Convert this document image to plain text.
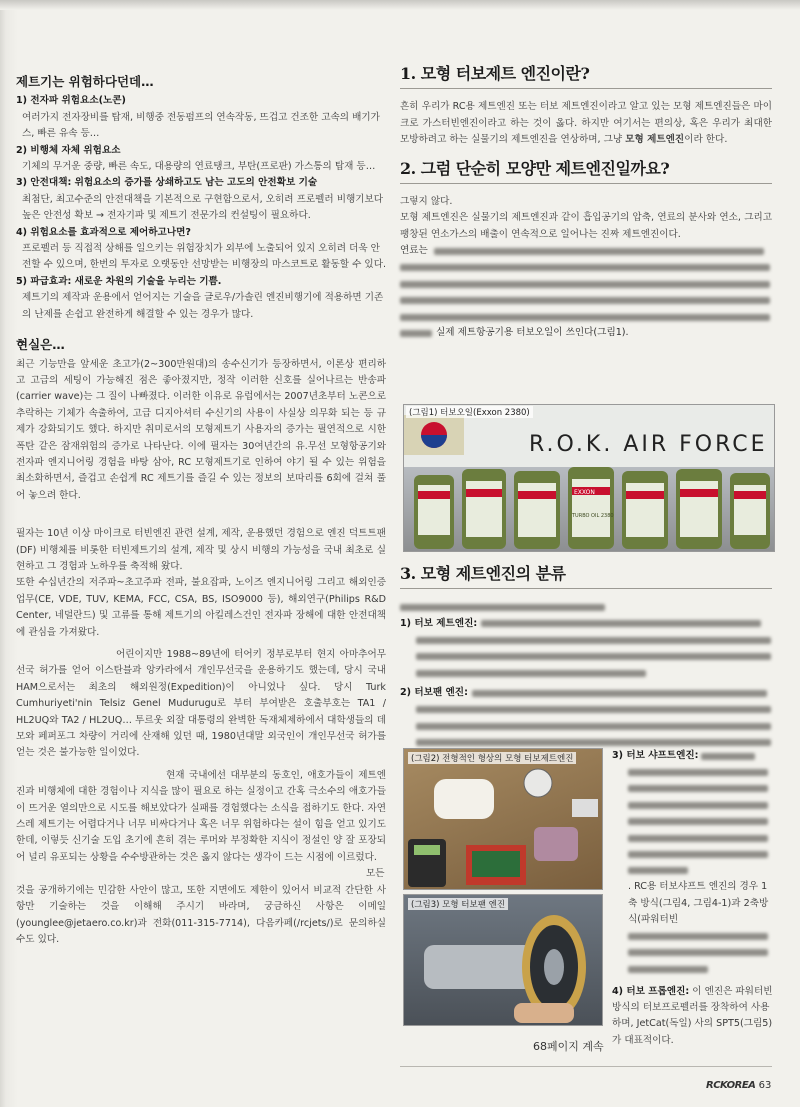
제트기는 위험하다던데…
1) 전자파 위험요소(노콘)
여러가지 전자장비를 탑재, 비행중 전동펌프의 연속작동, 뜨겁고 건조한 고속의 배기가스, 빠른 유속 등…
2) 비행체 자체 위험요소
기체의 무거운 중량, 빠른 속도, 대용량의 연료탱크, 부탄(프로판) 가스통의 탑재 등…
3) 안전대책: 위험요소의 증가를 상쇄하고도 남는 고도의 안전확보 기술
최첨단, 최고수준의 안전대책을 기본적으로 구현함으로서, 오히려 프로펠러 비행기보다 높은 안전성 확보 → 전자기파 및 제트기 전문가의 컨설팅이 필요하다.
4) 위험요소를 효과적으로 제어하고나면?
프로펠러 등 직접적 상해를 일으키는 위험장치가 외부에 노출되어 있지 오히려 더욱 안전할 수 있으며, 한번의 투자로 오랫동안 선망받는 비행장의 마스코트로 활동할 수 있다.
5) 파급효과: 새로운 차원의 기술을 누리는 기쁨.
제트기의 제작과 운용에서 얻어지는 기술을 글로우/가솔린 엔진비행기에 적용하면 기존의 난제를 손쉽고 완전하게 해결할 수 있는 경우가 많다.
현실은…
최근 기능만을 앞세운 초고가(2~300만원대)의 송수신기가 등장하면서, 이론상 편리하고 고급의 세팅이 가능해진 점은 좋아졌지만, 정작 이러한 신호를 실어나르는 반송파(carrier wave)는 그 질이 나빠졌다. 이러한 이유로 유럽에서는 2007년초부터 노콘으로 추락하는 기체가 속출하여, 고급 디지아셔터 수신기의 사용이 사실상 의무화 되는 등 규제가 강화되기도 했다. 하지만 취미로서의 모형제트기 사용자의 증가는 필연적으로 시한폭탄 같은 잠재위험의 증가로 나타난다. 이에 필자는 30여년간의 유.무선 모형항공기와 전자파 엔지니어링 경험을 바탕 삼아, RC 모형제트기로 인하여 야기 될 수 있는 위험을 최소화하면서, 즐겁고 손쉽게 RC 제트기를 즐길 수 있는 정보의 보따리를 6회에 걸쳐 풀어 놓으려 한다.
필자는 10년 이상 마이크로 터빈엔진 관련 설계, 제작, 운용했던 경험으로 엔진 덕트트팬(DF) 비행체를 비롯한 터빈제트기의 설계, 제작 및 상시 비행의 가능성을 국내 최초로 실현하고 그 경험과 노하우를 축적해 왔다.
또한 수십년간의 저주파~초고주파 전파, 불요잡파, 노이즈 엔지니어링 그리고 해외인증업무(CE, VDE, TUV, KEMA, FCC, CSA, BS, ISO9000 등), 해외연구(Philips R&D Center, 네덜란드) 및 고류를 통해 제트기의 아킬레스건인 전자파 장해에 대한 안전대책에 관심을 가져왔다.
어린이지만 1988~89년에 터어키 정부로부터 현지 아마추어무선국 허가를 얻어 이스탄블과 앙카라에서 개인무선국을 운용하기도 했는데, 당시 국내 HAM으로서는 최초의 해외원정(Expedition)이 아니었나 싶다. 당시 Turk Cumhuriyeti'nin Telsiz Genel Mudurugu로 부터 부여받은 호출부호는 TA1 / HL2UQ와 TA2 / HL2UQ… 투르웃 외잘 대통령의 완벽한 독재체제하에서 대학생들의 데모와 페퍼포그 차량이 거리에 산재해 있던 때, 1980년대말 외국인이 개인무선국 허가를 얻는 것은 불가능한 일이었다.
현재 국내에선 대부분의 동호인, 애호가들이 제트엔진과 비행체에 대한 경험이나 지식을 많이 필요로 하는 실정이고 간혹 극소수의 애호가들이 뜨거운 열의만으로 시도를 해보았다가 실패를 경험했다는 소식을 접하기도 한다. 자연스레 제트기는 어렵다거나 너무 비싸다거나 혹은 너무 위험하다는 설이 힘을 얻고 있기도 한데, 이렇듯 신기술 도입 초기에 흔히 겪는 루머와 부정확한 지식이 정설인 양 잘 포장되어 널리 유포되는 상황을 수수방관하는 것은 옳지 않다는 생각이 드는 시점에 이르렀다.
모든 것을 공개하기에는 민감한 사안이 많고, 또한 지면에도 제한이 있어서 비교적 간단한 사항만 기술하는 것을 이해해 주시기 바라며, 궁금하신 사항은 이메일(younglee@jetaero.co.kr)과 전화(011-315-7714), 다음카페(/rcjets/)로 문의하실 수도 있다.
1. 모형 터보제트 엔진이란?
흔히 우리가 RC용 제트엔진 또는 터보 제트엔진이라고 알고 있는 모형 제트엔진들은 마이크로 가스터빈엔진이라고 하는 것이 옳다. 하지만 여기서는 편의상, 혹은 우리가 최대한 모방하려고 하는 실물기의 제트엔진을 연상하며, 그냥 모형 제트엔진이라 한다.
2. 그럼 단순히 모양만 제트엔진일까요?
그렇지 않다.
모형 제트엔진은 실물기의 제트엔진과 같이 흡입공기의 압축, 연료의 분사와 연소, 그리고 팽창된 연소가스의 배출이 연속적으로 일어나는 진짜 제트엔진이다.
연료는
실제 제트항공기용 터보오일이 쓰인다(그림1).
R.O.K. AIR FORCE
EXXON
TURBO OIL 2380
(그림1) 터보오일(Exxon 2380)
3. 모형 제트엔진의 분류
1) 터보 제트엔진:
2) 터보팬 엔진:
(그림2) 전형적인 형상의 모형 터보제트엔진
(그림3) 모형 터보팬 엔진
3) 터보 샤프트엔진:
. RC용 터보샤프트 엔진의 경우 1축 방식(그림4, 그림4-1)과 2축방식(파워터빈
4) 터보 프롭엔진: 이 엔진은 파워터빈 방식의 터보프로펠러를 장착하여 사용하며, JetCat(독일) 사의 SPT5(그림5)가 대표적이다.
68페이지 계속
RCKOREA 63
